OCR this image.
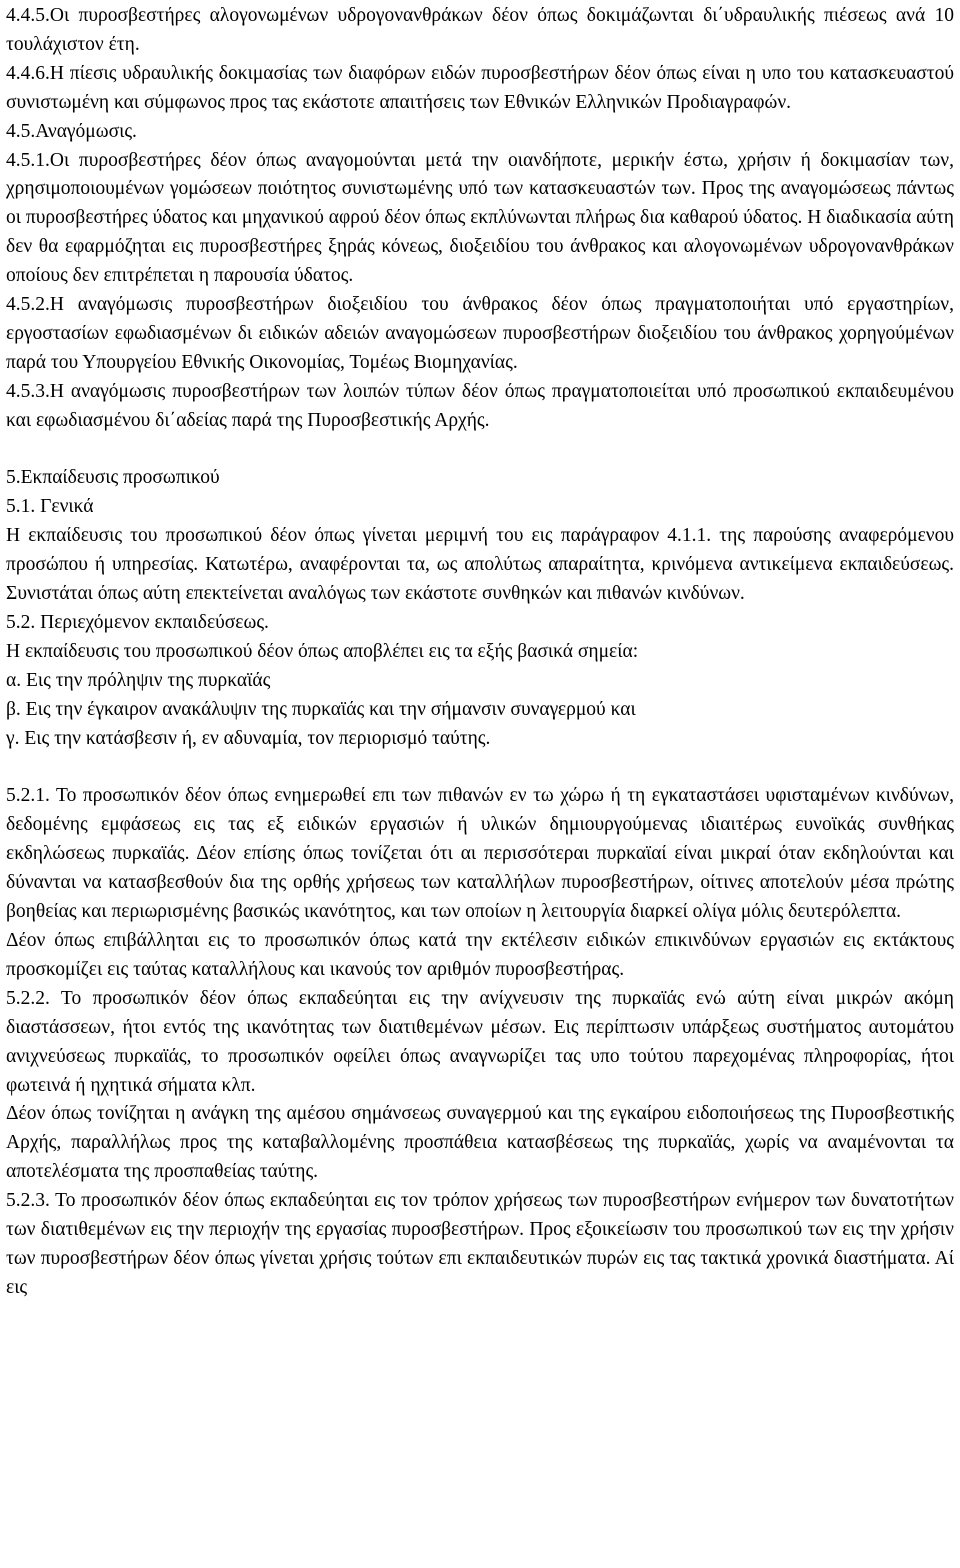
4.4.5.Οι πυροσβεστήρες αλογονωμένων υδρογονανθράκων δέον όπως δοκιμάζωνται δι΄υδραυλικής πιέσεως ανά 10 τουλάχιστον έτη.

4.4.6.Η πίεσις υδραυλικής δοκιμασίας των διαφόρων ειδών πυροσβεστήρων δέον όπως είναι η υπο του κατασκευαστού συνιστωμένη και σύμφωνος προς τας εκάστοτε απαιτήσεις των Εθνικών Ελληνικών Προδιαγραφών.

4.5.Αναγόμωσις.

4.5.1.Οι πυροσβεστήρες δέον όπως αναγομούνται μετά την οιανδήποτε, μερικήν έστω, χρήσιν ή δοκιμασίαν των, χρησιμοποιουμένων γομώσεων ποιότητος συνιστωμένης υπό των κατασκευαστών των. Προς της αναγομώσεως πάντως οι πυροσβεστήρες ύδατος και μηχανικού αφρού δέον όπως εκπλύνωνται πλήρως δια καθαρού ύδατος. Η διαδικασία αύτη δεν θα εφαρμόζηται εις πυροσβεστήρες ξηράς κόνεως, διοξειδίου του άνθρακος και αλογονωμένων υδρογονανθράκων οποίους δεν επιτρέπεται η παρουσία ύδατος.

4.5.2.Η αναγόμωσις πυροσβεστήρων διοξειδίου του άνθρακος δέον όπως πραγματοποιήται υπό εργαστηρίων, εργοστασίων εφωδιασμένων δι ειδικών αδειών αναγομώσεων πυροσβεστήρων διοξειδίου του άνθρακος χορηγούμένων παρά του Υπουργείου Εθνικής Οικονομίας, Τομέως Βιομηχανίας.

4.5.3.Η αναγόμωσις πυροσβεστήρων των λοιπών τύπων δέον όπως πραγματοποιείται υπό προσωπικού εκπαιδευμένου και εφωδιασμένου δι΄αδείας παρά της Πυροσβεστικής Αρχής.

5.Εκπαίδευσις προσωπικού

5.1. Γενικά

Η εκπαίδευσις του προσωπικού δέον όπως γίνεται μεριμνή του εις παράγραφον 4.1.1. της παρούσης αναφερόμενου προσώπου ή υπηρεσίας. Κατωτέρω, αναφέρονται τα, ως απολύτως απαραίτητα, κρινόμενα αντικείμενα εκπαιδεύσεως. Συνιστάται όπως αύτη επεκτείνεται αναλόγως των εκάστοτε συνθηκών και πιθανών κινδύνων.

5.2. Περιεχόμενον εκπαιδεύσεως.

Η εκπαίδευσις του προσωπικού δέον όπως αποβλέπει εις τα εξής βασικά σημεία:

α. Εις την πρόληψιν της πυρκαϊάς

β. Εις την έγκαιρον ανακάλυψιν της πυρκαϊάς και την σήμανσιν συναγερμού και

γ. Εις την κατάσβεσιν ή, εν αδυναμία, τον περιορισμό ταύτης.

5.2.1. Το προσωπικόν δέον όπως ενημερωθεί επι των πιθανών εν τω χώρω ή τη εγκαταστάσει υφισταμένων κινδύνων, δεδομένης εμφάσεως εις τας εξ ειδικών εργασιών ή υλικών δημιουργούμενας ιδιαιτέρως ευνοϊκάς συνθήκας εκδηλώσεως πυρκαϊάς. Δέον επίσης όπως τονίζεται ότι αι περισσότεραι πυρκαϊαί είναι μικραί όταν εκδηλούνται και δύνανται να κατασβεσθούν δια της ορθής χρήσεως των καταλλήλων πυροσβεστήρων, οίτινες αποτελούν μέσα πρώτης βοηθείας και περιωρισμένης βασικώς ικανότητος, και των οποίων η λειτουργία διαρκεί ολίγα μόλις δευτερόλεπτα.

Δέον όπως επιβάλληται εις το προσωπικόν όπως κατά την εκτέλεσιν ειδικών επικινδύνων εργασιών εις εκτάκτους προσκομίζει εις ταύτας καταλλήλους και ικανούς τον αριθμόν πυροσβεστήρας.

5.2.2. Το προσωπικόν δέον όπως εκπαδεύηται εις την ανίχνευσιν της πυρκαϊάς ενώ αύτη είναι μικρών ακόμη διαστάσσεων, ήτοι εντός της ικανότητας των διατιθεμένων μέσων. Εις περίπτωσιν υπάρξεως συστήματος αυτομάτου ανιχνεύσεως πυρκαϊάς, το προσωπικόν οφείλει όπως αναγνωρίζει τας υπο τούτου παρεχομένας πληροφορίας, ήτοι φωτεινά ή ηχητικά σήματα κλπ.

Δέον όπως τονίζηται η ανάγκη της αμέσου σημάνσεως συναγερμού και της εγκαίρου ειδοποιήσεως της Πυροσβεστικής Αρχής, παραλλήλως προς της καταβαλλομένης προσπάθεια κατασβέσεως της πυρκαϊάς, χωρίς να αναμένονται τα αποτελέσματα της προσπαθείας ταύτης.

5.2.3. Το προσωπικόν δέον όπως εκπαδεύηται εις τον τρόπον χρήσεως των πυροσβεστήρων ενήμερον των δυνατοτήτων των διατιθεμένων εις την περιοχήν της εργασίας πυροσβεστήρων. Προς εξοικείωσιν του προσωπικού των εις την χρήσιν των πυροσβεστήρων δέον όπως γίνεται χρήσις τούτων επι εκπαιδευτικών πυρών εις τας τακτικά χρονικά διαστήματα. Αί εις
